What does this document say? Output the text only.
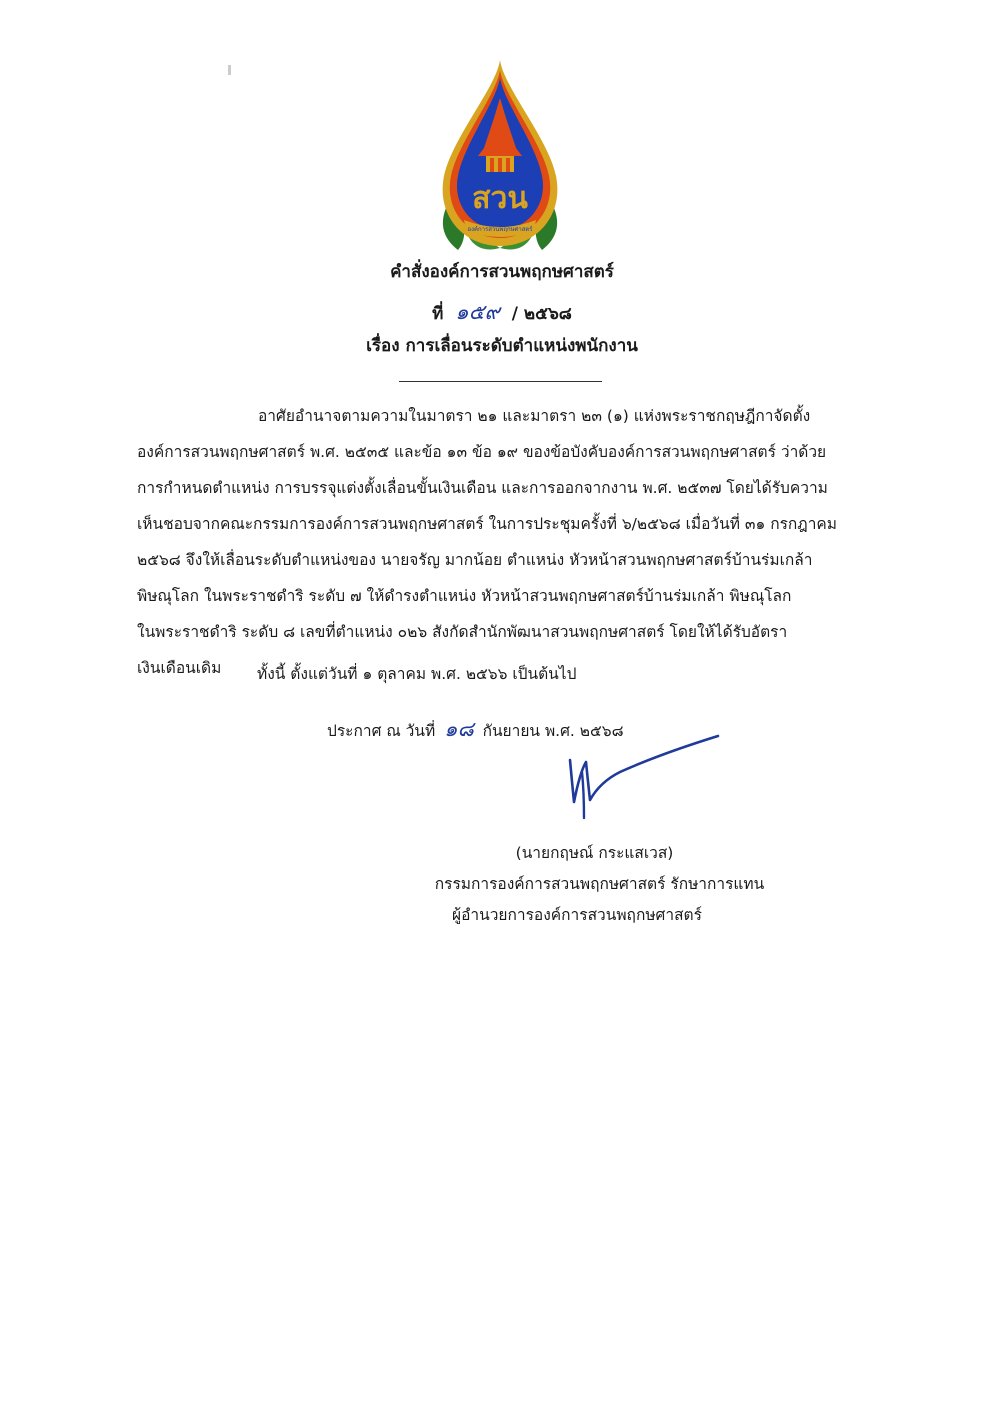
สวน
องค์การสวนพฤกษศาสตร์
คำสั่งองค์การสวนพฤกษศาสตร์
ที่ ๑๕๙ / ๒๕๖๘
เรื่อง การเลื่อนระดับตำแหน่งพนักงาน
อาศัยอำนาจตามความในมาตรา ๒๑ และมาตรา ๒๓ (๑) แห่งพระราชกฤษฎีกาจัดตั้ง
องค์การสวนพฤกษศาสตร์ พ.ศ. ๒๕๓๕ และข้อ ๑๓ ข้อ ๑๙ ของข้อบังคับองค์การสวนพฤกษศาสตร์ ว่าด้วย
การกำหนดตำแหน่ง การบรรจุแต่งตั้งเลื่อนขั้นเงินเดือน และการออกจากงาน พ.ศ. ๒๕๓๗ โดยได้รับความ
เห็นชอบจากคณะกรรมการองค์การสวนพฤกษศาสตร์ ในการประชุมครั้งที่ ๖/๒๕๖๘ เมื่อวันที่ ๓๑ กรกฎาคม
๒๕๖๘ จึงให้เลื่อนระดับตำแหน่งของ นายจรัญ มากน้อย ตำแหน่ง หัวหน้าสวนพฤกษศาสตร์บ้านร่มเกล้า
พิษณุโลก ในพระราชดำริ ระดับ ๗ ให้ดำรงตำแหน่ง หัวหน้าสวนพฤกษศาสตร์บ้านร่มเกล้า พิษณุโลก
ในพระราชดำริ ระดับ ๘ เลขที่ตำแหน่ง ๐๒๖ สังกัดสำนักพัฒนาสวนพฤกษศาสตร์ โดยให้ได้รับอัตรา
เงินเดือนเดิม	ทั้งนี้ ตั้งแต่วันที่ ๑ ตุลาคม พ.ศ. ๒๕๖๖ เป็นต้นไป
ประกาศ ณ วันที่ ๑๘ กันยายน พ.ศ. ๒๕๖๘
(นายกฤษณ์ กระแสเวส)
กรรมการองค์การสวนพฤกษศาสตร์ รักษาการแทน
ผู้อำนวยการองค์การสวนพฤกษศาสตร์
